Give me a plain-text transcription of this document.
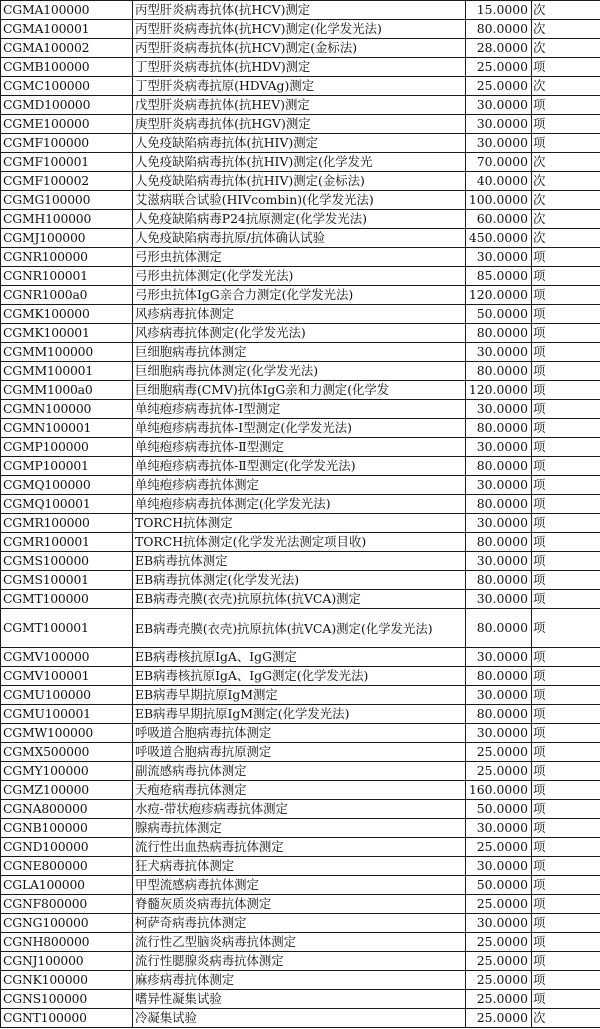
CGMA100000	丙型肝炎病毒抗体(抗HCV)测定	15.0000	次
CGMA100001	丙型肝炎病毒抗体(抗HCV)测定(化学发光法)	80.0000	次
CGMA100002	丙型肝炎病毒抗体(抗HCV)测定(金标法)	28.0000	次
CGMB100000	丁型肝炎病毒抗体(抗HDV)测定	25.0000	项
CGMC100000	丁型肝炎病毒抗原(HDVAg)测定	25.0000	次
CGMD100000	戊型肝炎病毒抗体(抗HEV)测定	30.0000	项
CGME100000	庚型肝炎病毒抗体(抗HGV)测定	30.0000	项
CGMF100000	人免疫缺陷病毒抗体(抗HIV)测定	30.0000	项
CGMF100001	人免疫缺陷病毒抗体(抗HIV)测定(化学发光	70.0000	次
CGMF100002	人免疫缺陷病毒抗体(抗HIV)测定(金标法)	40.0000	次
CGMG100000	艾滋病联合试验(HIVcombin)(化学发光法)	100.0000	次
CGMH100000	人免疫缺陷病毒P24抗原测定(化学发光法)	60.0000	次
CGMJ100000	人免疫缺陷病毒抗原/抗体确认试验	450.0000	次
CGNR100000	弓形虫抗体测定	30.0000	项
CGNR100001	弓形虫抗体测定(化学发光法)	85.0000	项
CGNR1000a0	弓形虫抗体IgG亲合力测定(化学发光法)	120.0000	项
CGMK100000	风疹病毒抗体测定	50.0000	项
CGMK100001	风疹病毒抗体测定(化学发光法)	80.0000	项
CGMM100000	巨细胞病毒抗体测定	30.0000	项
CGMM100001	巨细胞病毒抗体测定(化学发光法)	80.0000	项
CGMM1000a0	巨细胞病毒(CMV)抗体IgG亲和力测定(化学发	120.0000	项
CGMN100000	单纯疱疹病毒抗体-Ⅰ型测定	30.0000	项
CGMN100001	单纯疱疹病毒抗体-Ⅰ型测定(化学发光法)	80.0000	项
CGMP100000	单纯疱疹病毒抗体-Ⅱ型测定	30.0000	项
CGMP100001	单纯疱疹病毒抗体-Ⅱ型测定(化学发光法)	80.0000	项
CGMQ100000	单纯疱疹病毒抗体测定	30.0000	项
CGMQ100001	单纯疱疹病毒抗体测定(化学发光法)	80.0000	项
CGMR100000	TORCH抗体测定	30.0000	项
CGMR100001	TORCH抗体测定(化学发光法测定项目收)	80.0000	项
CGMS100000	EB病毒抗体测定	30.0000	项
CGMS100001	EB病毒抗体测定(化学发光法)	80.0000	项
CGMT100000	EB病毒壳膜(衣壳)抗原抗体(抗VCA)测定	30.0000	项
CGMT100001	EB病毒壳膜(衣壳)抗原抗体(抗VCA)测定(化学发光法)	80.0000	项
CGMV100000	EB病毒核抗原IgA、IgG测定	30.0000	项
CGMV100001	EB病毒核抗原IgA、IgG测定(化学发光法)	80.0000	项
CGMU100000	EB病毒早期抗原IgM测定	30.0000	项
CGMU100001	EB病毒早期抗原IgM测定(化学发光法)	80.0000	项
CGMW100000	呼吸道合胞病毒抗体测定	30.0000	项
CGMX500000	呼吸道合胞病毒抗原测定	25.0000	项
CGMY100000	副流感病毒抗体测定	25.0000	项
CGMZ100000	天疱疮病毒抗体测定	160.0000	项
CGNA800000	水痘-带状疱疹病毒抗体测定	50.0000	项
CGNB100000	腺病毒抗体测定	30.0000	项
CGND100000	流行性出血热病毒抗体测定	25.0000	项
CGNE800000	狂犬病毒抗体测定	30.0000	项
CGLA100000	甲型流感病毒抗体测定	50.0000	项
CGNF800000	脊髓灰质炎病毒抗体测定	25.0000	项
CGNG100000	柯萨奇病毒抗体测定	30.0000	项
CGNH800000	流行性乙型脑炎病毒抗体测定	25.0000	项
CGNJ100000	流行性腮腺炎病毒抗体测定	25.0000	项
CGNK100000	麻疹病毒抗体测定	25.0000	项
CGNS100000	嗜异性凝集试验	25.0000	项
CGNT100000	冷凝集试验	25.0000	次
